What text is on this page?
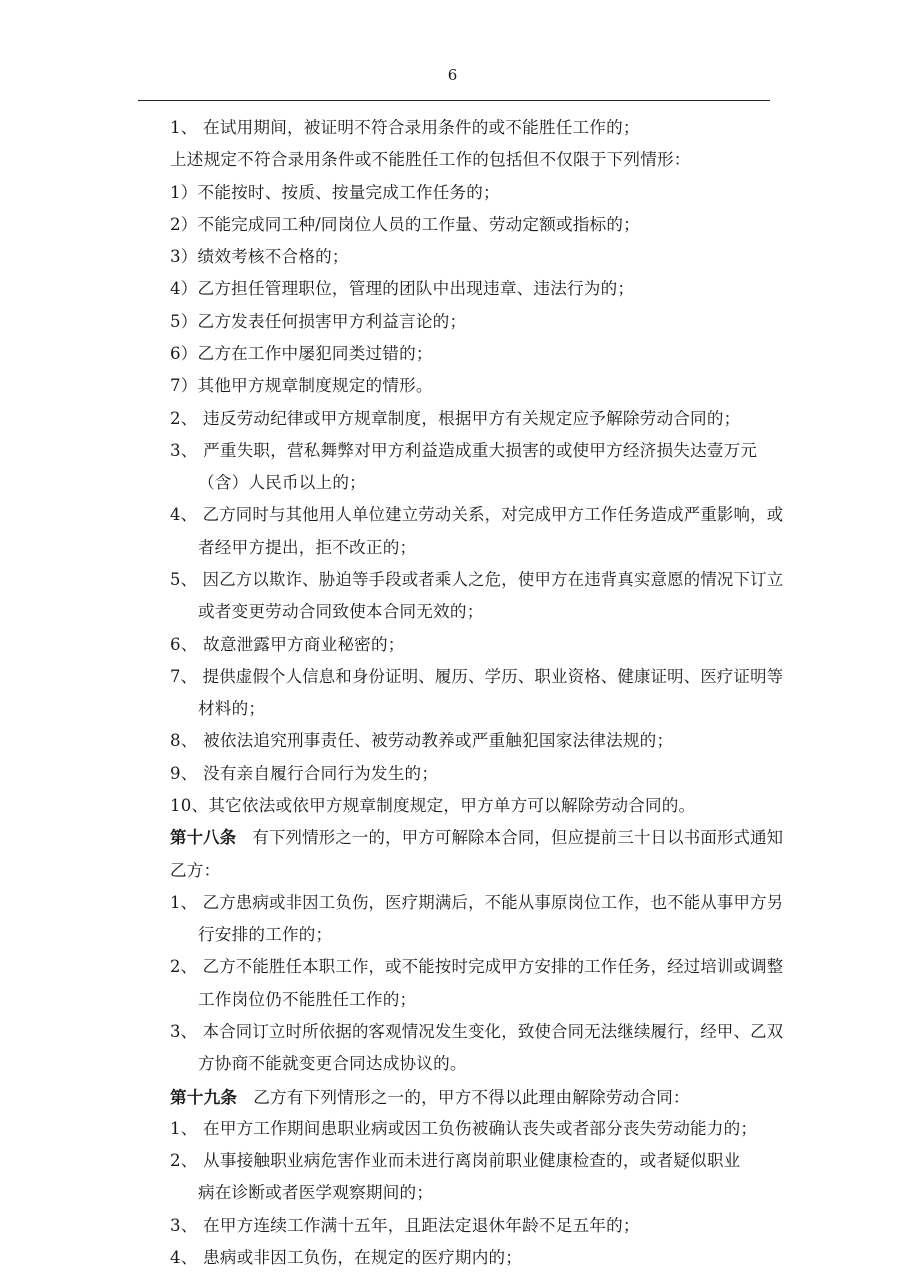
6
1、 在试用期间，被证明不符合录用条件的或不能胜任工作的；
上述规定不符合录用条件或不能胜任工作的包括但不仅限于下列情形：
1）不能按时、按质、按量完成工作任务的；
2）不能完成同工种/同岗位人员的工作量、劳动定额或指标的；
3）绩效考核不合格的；
4）乙方担任管理职位，管理的团队中出现违章、违法行为的；
5）乙方发表任何损害甲方利益言论的；
6）乙方在工作中屡犯同类过错的；
7）其他甲方规章制度规定的情形。
2、 违反劳动纪律或甲方规章制度，根据甲方有关规定应予解除劳动合同的；
3、 严重失职，营私舞弊对甲方利益造成重大损害的或使甲方经济损失达壹万元
（含）人民币以上的；
4、 乙方同时与其他用人单位建立劳动关系，对完成甲方工作任务造成严重影响，或
者经甲方提出，拒不改正的；
5、 因乙方以欺诈、胁迫等手段或者乘人之危，使甲方在违背真实意愿的情况下订立
或者变更劳动合同致使本合同无效的；
6、 故意泄露甲方商业秘密的；
7、 提供虚假个人信息和身份证明、履历、学历、职业资格、健康证明、医疗证明等
材料的；
8、 被依法追究刑事责任、被劳动教养或严重触犯国家法律法规的；
9、 没有亲自履行合同行为发生的；
10、其它依法或依甲方规章制度规定，甲方单方可以解除劳动合同的。
第十八条 有下列情形之一的，甲方可解除本合同，但应提前三十日以书面形式通知
乙方：
1、 乙方患病或非因工负伤，医疗期满后，不能从事原岗位工作，也不能从事甲方另
行安排的工作的；
2、 乙方不能胜任本职工作，或不能按时完成甲方安排的工作任务，经过培训或调整
工作岗位仍不能胜任工作的；
3、 本合同订立时所依据的客观情况发生变化，致使合同无法继续履行，经甲、乙双
方协商不能就变更合同达成协议的。
第十九条 乙方有下列情形之一的，甲方不得以此理由解除劳动合同：
1、 在甲方工作期间患职业病或因工负伤被确认丧失或者部分丧失劳动能力的；
2、 从事接触职业病危害作业而未进行离岗前职业健康检查的，或者疑似职业
病在诊断或者医学观察期间的；
3、 在甲方连续工作满十五年，且距法定退休年龄不足五年的；
4、 患病或非因工负伤，在规定的医疗期内的；
